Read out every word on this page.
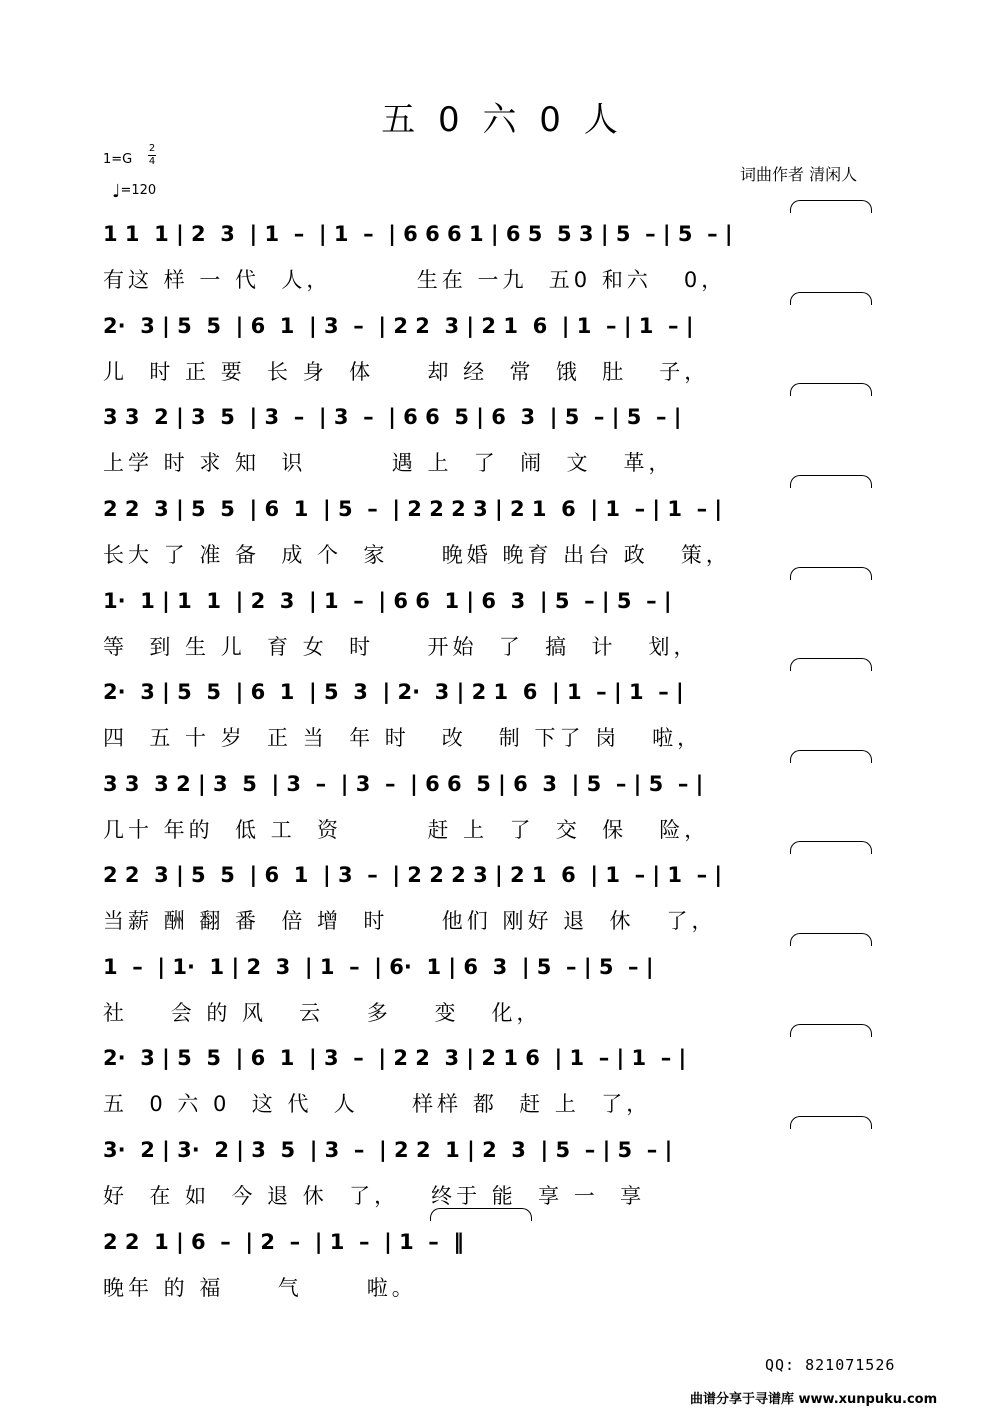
五 0 六 0 人
1=G
2
4
♩=120
词曲作者 清闲人
1 1  1 | 2  3  | 1  –  | 1  –  | 6 6 6 1 | 6 5  5 3 | 5  – | 5  – |
有这 样 一 代  人，        生在 一九  五0 和六   0，
2·  3 | 5  5  | 6  1  | 3  –  | 2 2  3 | 2 1  6  | 1  – | 1  – |
儿  时 正 要  长 身  体     却 经  常  饿  肚   子，
3 3  2 | 3  5  | 3  –  | 3  –  | 6 6  5 | 6  3  | 5  – | 5  – |
上学 时 求 知  识        遇 上  了  闹  文   革，
2 2  3 | 5  5  | 6  1  | 5  –  | 2 2 2 3 | 2 1  6  | 1  – | 1  – |
长大 了 准 备  成 个  家     晚婚 晚育 出台 政   策，
1·  1 | 1  1  | 2  3  | 1  –  | 6 6  1 | 6  3  | 5  – | 5  – |
等  到 生 儿  育 女  时     开始  了  搞  计   划，
2·  3 | 5  5  | 6  1  | 5  3  | 2·  3 | 2 1  6  | 1  – | 1  – |
四  五 十 岁  正 当  年 时   改   制 下了 岗   啦，
3 3  3 2 | 3  5  | 3  –  | 3  –  | 6 6  5 | 6  3  | 5  – | 5  – |
几十 年的  低 工  资        赶 上  了  交  保   险，
2 2  3 | 5  5  | 6  1  | 3  –  | 2 2 2 3 | 2 1  6  | 1  – | 1  – |
当薪 酬 翻 番  倍 增  时     他们 刚好 退  休   了，
1  –  | 1·  1 | 2  3  | 1  –  | 6·  1 | 6  3  | 5  – | 5  – |
社    会 的 风   云    多    变   化，
2·  3 | 5  5  | 6  1  | 3  –  | 2 2  3 | 2 1 6  | 1  – | 1  – |
五  0 六 0  这 代  人     样样 都  赶 上  了，
3·  2 | 3·  2 | 3  5  | 3  –  | 2 2  1 | 2  3  | 5  – | 5  – |
好  在 如  今 退 休  了，   终于 能  享 一  享
2 2  1 | 6  –  | 2  –  | 1  –  | 1  –  ‖
晚年 的 福     气      啦。
QQ: 821071526
曲谱分享于寻谱库 www.xunpuku.com
